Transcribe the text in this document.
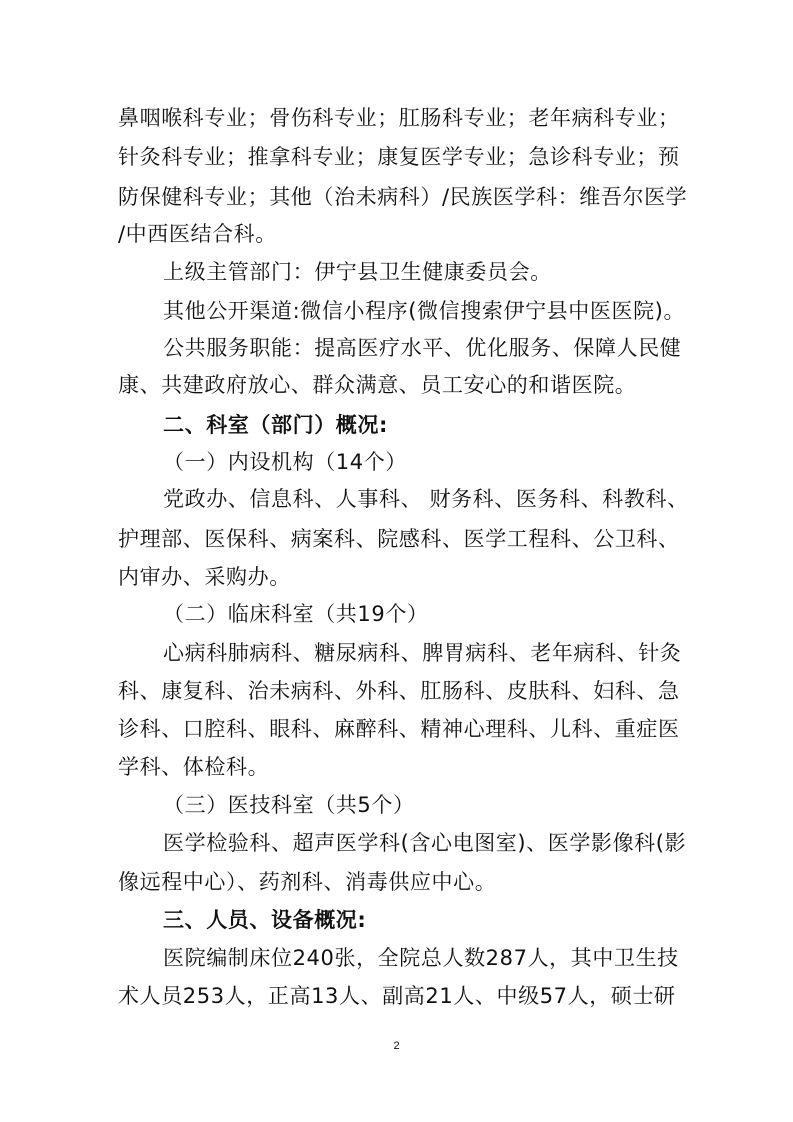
鼻咽喉科专业；骨伤科专业；肛肠科专业；老年病科专业；
针灸科专业；推拿科专业；康复医学专业；急诊科专业；预
防保健科专业；其他（治未病科）/民族医学科：维吾尔医学
/中西医结合科。
上级主管部门：伊宁县卫生健康委员会。
其他公开渠道:微信小程序(微信搜索伊宁县中医医院)。
公共服务职能：提高医疗水平、优化服务、保障人民健
康、共建政府放心、群众满意、员工安心的和谐医院。
二、科室（部门）概况:
（一）内设机构（14个）
党政办、信息科、人事科、 财务科、医务科、科教科、
护理部、医保科、病案科、院感科、医学工程科、公卫科、
内审办、采购办。
（二）临床科室（共19个）
心病科肺病科、糖尿病科、脾胃病科、老年病科、针灸
科、康复科、治未病科、外科、肛肠科、皮肤科、妇科、急
诊科、口腔科、眼科、麻醉科、精神心理科、儿科、重症医
学科、体检科。
（三）医技科室（共5个）
医学检验科、超声医学科(含心电图室)、医学影像科(影
像远程中心）、药剂科、消毒供应中心。
三、人员、设备概况:
医院编制床位240张，全院总人数287人，其中卫生技
术人员253人，正高13人、副高21人、中级57人，硕士研
2
